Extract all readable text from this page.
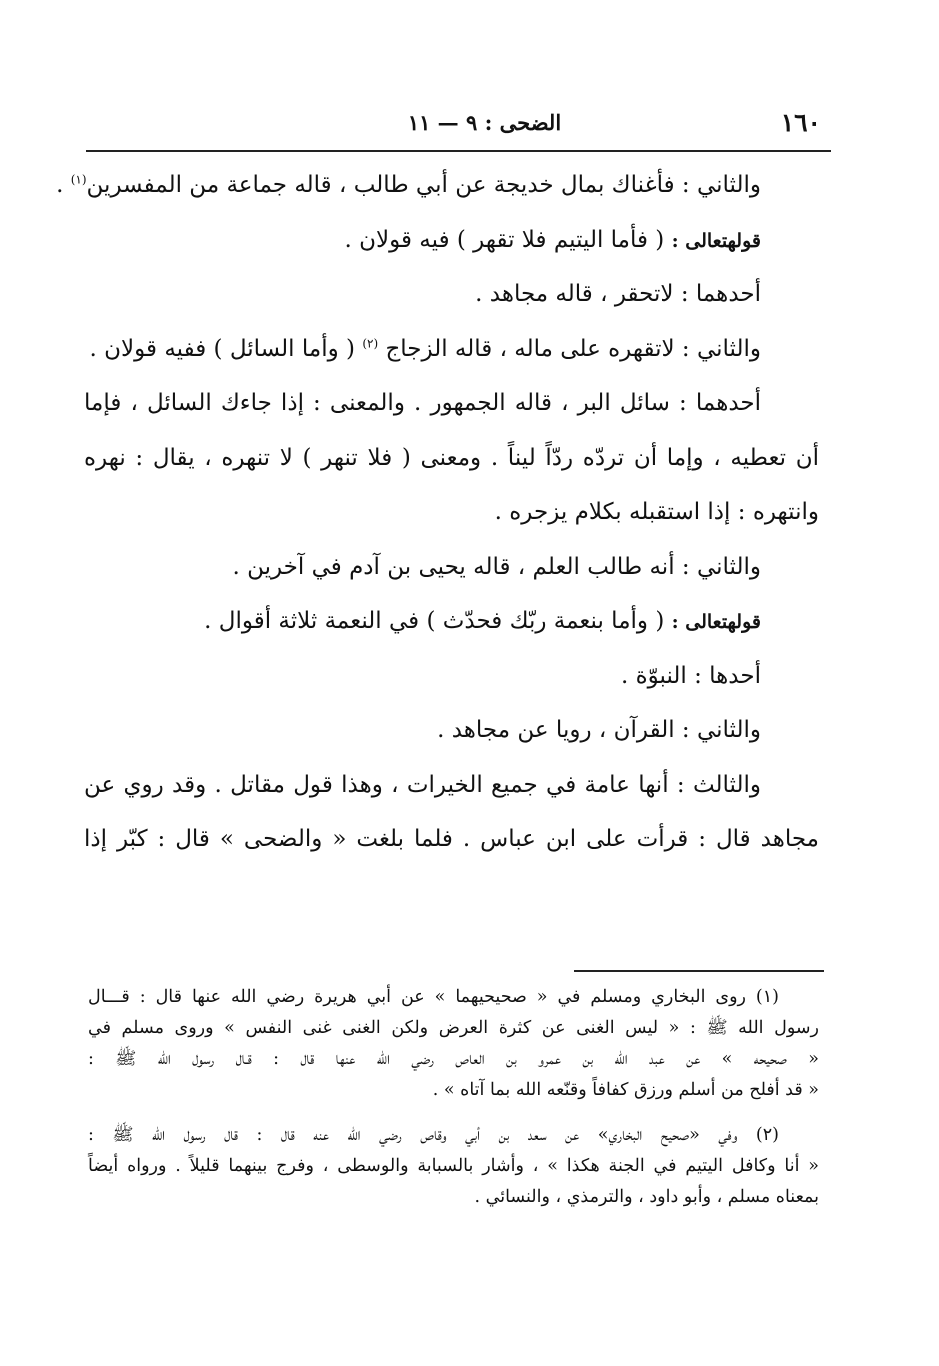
١٦٠
الضحى : ٩ — ١١
والثاني : فأغناك بمال خديجة عن أبي طالب ، قاله جماعة من المفسرين$^{(١)}$ .
قولهتعالى : ( فأما اليتيم فلا تقهر ) فيه قولان .
أحدهما : لاتحقر ، قاله مجاهد .
والثاني : لاتقهره على ماله ، قاله الزجاج $^{(٢)}$ ( وأما السائل ) ففيه قولان .
أحدهما : سائل البر ، قاله الجمهور . والمعنى : إذا جاءك السائل ، فإما
أن تعطيه ، وإما أن تردّه ردّاً ليناً . ومعنى ( فلا تنهر ) لا تنهره ، يقال : نهره
وانتهره : إذا استقبله بكلام يزجره .
والثاني : أنه طالب العلم ، قاله يحيى بن آدم في آخرين .
قولهتعالى : ( وأما بنعمة ربّك فحدّث ) في النعمة ثلاثة أقوال .
أحدها : النبوّة .
والثاني : القرآن ، رويا عن مجاهد .
والثالث : أنها عامة في جميع الخيرات ، وهذا قول مقاتل . وقد روي عن
مجاهد قال : قرأت على ابن عباس . فلما بلغت « والضحى » قال : كبّر إذا
(١) روى البخاري ومسلم في « صحيحيهما » عن أبي هريرة رضي الله عنها قال : قـــال
رسول الله ﷺ : « ليس الغنى عن كثرة العرض ولكن الغنى غنى النفس » وروى مسلم في
« صحيحه » عن عبد الله بن عمرو بن العاص رضي الله عنها قال : قـال رسول الله ﷺ :
« قد أفلح من أسلم ورزق كفافاً وقنّعه الله بما آتاه » .
(٢) وفي «صحيح البخاري» عن سعد بن أبي وقاص رضي الله عنه قال : قال رسول الله ﷺ :
« أنا وكافل اليتيم في الجنة هكذا » ، وأشار بالسبابة والوسطى ، وفرج بينهما قليلاً . ورواه أيضاً
بمعناه مسلم ، وأبو داود ، والترمذي ، والنسائي .
